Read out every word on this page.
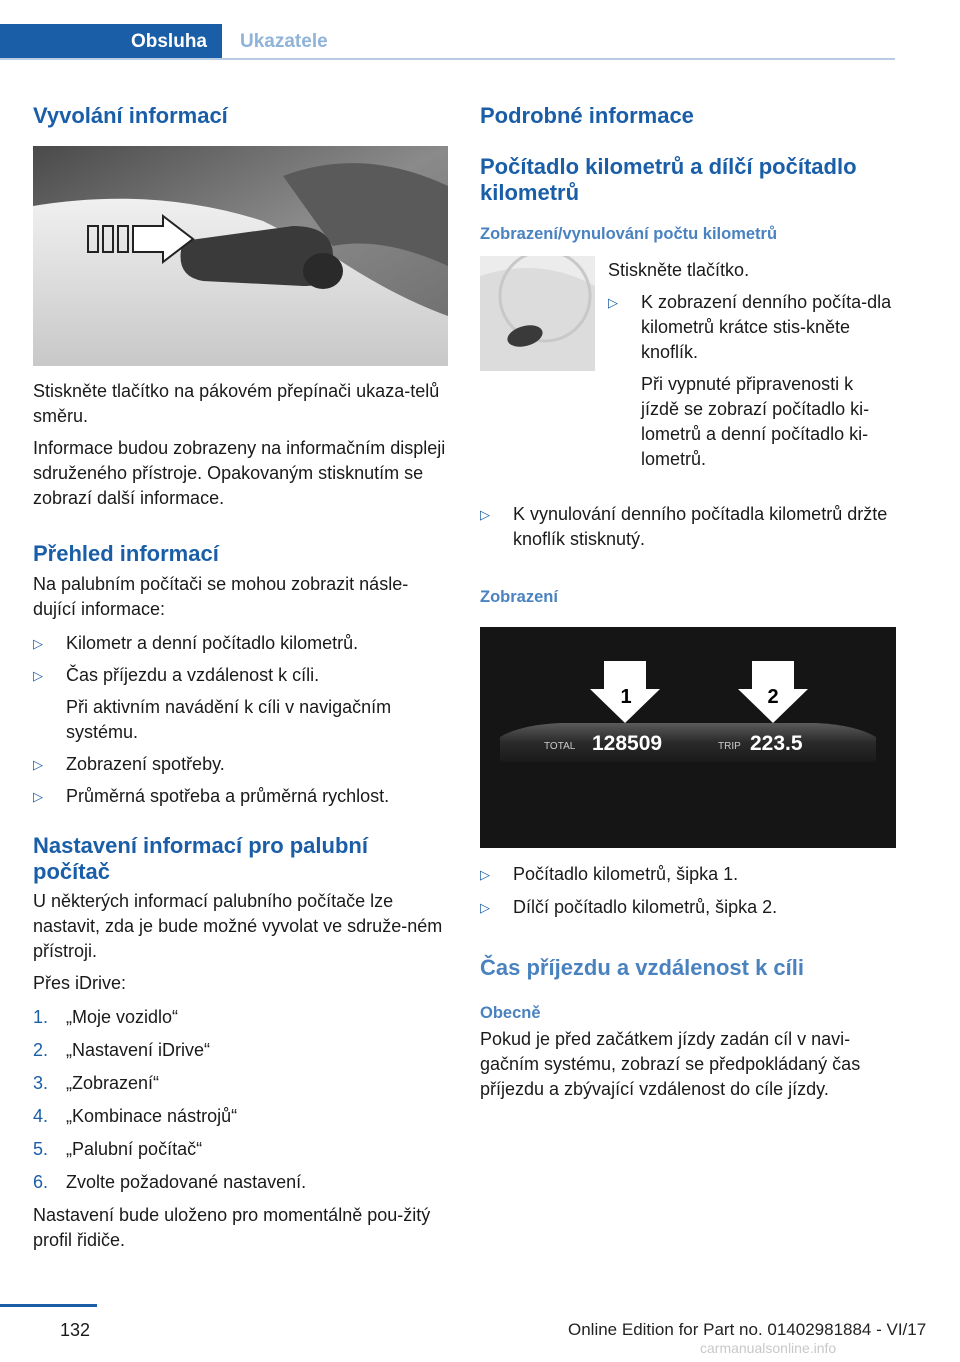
Obsluha	Ukazatele
Vyvolání informací

Stiskněte tlačítko na pákovém přepínači ukaza-telů směru.

Informace budou zobrazeny na informačním displeji sdruženého přístroje. Opakovaným stisknutím se zobrazí další informace.

Přehled informací

Na palubním počítači se mohou zobrazit násle-dující informace:

▷ Kilometr a denní počítadlo kilometrů.
▷ Čas příjezdu a vzdálenost k cíli.
Při aktivním navádění k cíli v navigačním systému.
▷ Zobrazení spotřeby.
▷ Průměrná spotřeba a průměrná rychlost.
Nastavení informací pro palubní počítač

U některých informací palubního počítače lze nastavit, zda je bude možné vyvolat ve sdruže-ném přístroji.

Přes iDrive:

1. „Moje vozidlo“
2. „Nastavení iDrive“
3. „Zobrazení“
4. „Kombinace nástrojů“
5. „Palubní počítač“
6. Zvolte požadované nastavení.

Nastavení bude uloženo pro momentálně pou-žitý profil řidiče.

Podrobné informace
Počítadlo kilometrů a dílčí počítadlo kilometrů
Zobrazení/vynulování počtu kilometrů

Stiskněte tlačítko.

▷ K zobrazení denního počíta-dla kilometrů krátce stis-kněte knoflík.
Při vypnuté připravenosti k jízdě se zobrazí počítadlo ki-lometrů a denní počítadlo ki-lometrů.
▷ K vynulování denního počítadla kilometrů držte knoflík stisknutý.
Zobrazení
1	2
TOTAL 128509	TRIP 223.5
▷ Počítadlo kilometrů, šipka 1.
▷ Dílčí počítadlo kilometrů, šipka 2.
Čas příjezdu a vzdálenost k cíli
Obecně

Pokud je před začátkem jízdy zadán cíl v navi-gačním systému, zobrazí se předpokládaný čas příjezdu a zbývající vzdálenost do cíle jízdy.

132	Online Edition for Part no. 01402981884 - VI/17
carmanualsonline.info
